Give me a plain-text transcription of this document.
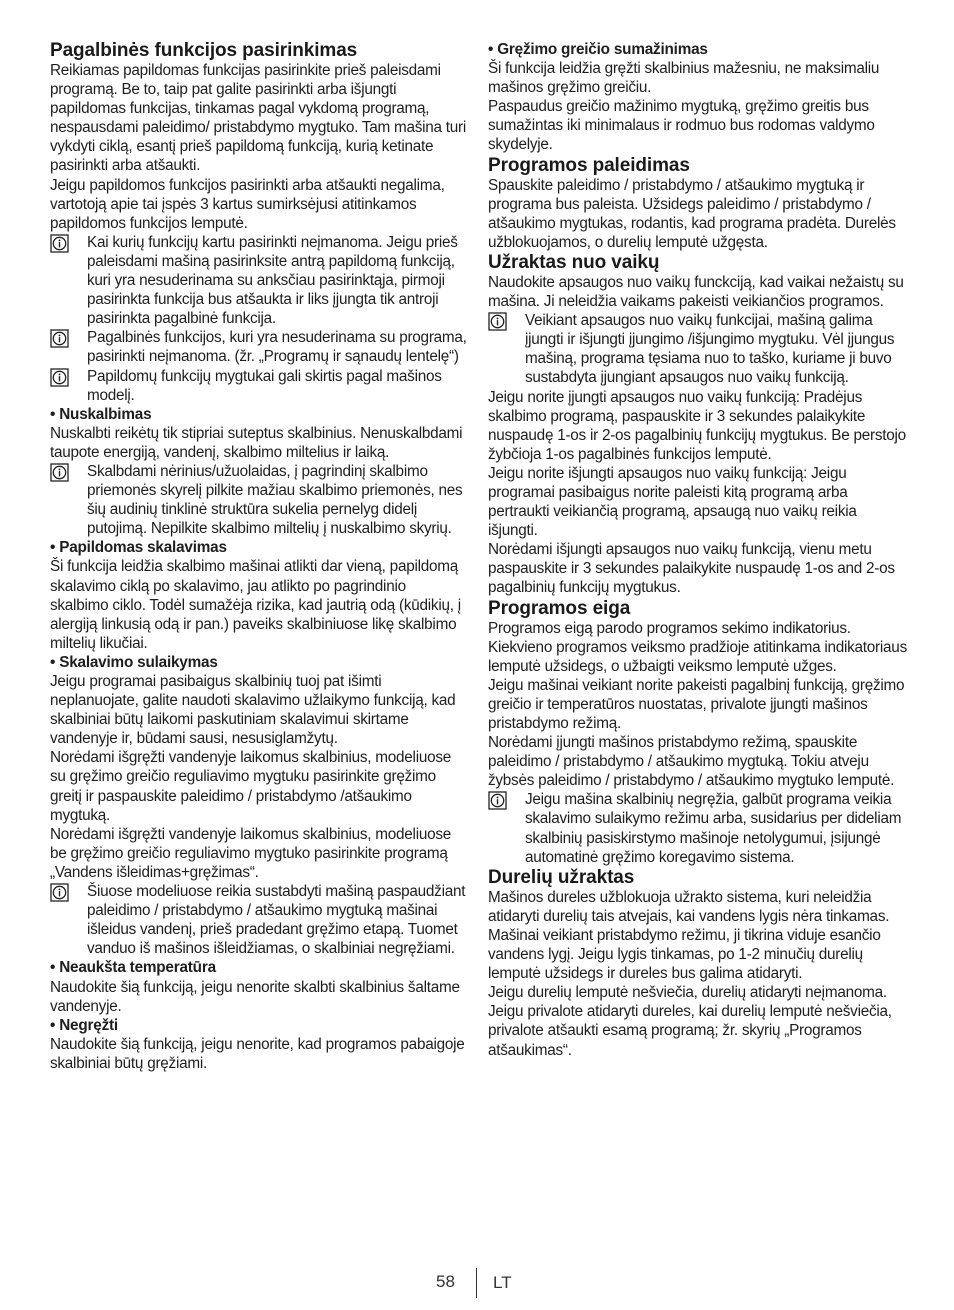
Pagalbinės funkcijos pasirinkimas

Reikiamas papildomas funkcijas pasirinkite prieš paleisdami programą. Be to, taip pat galite pasirinkti arba išjungti papildomas funkcijas, tinkamas pagal vykdomą programą, nespausdami paleidimo/ pristabdymo mygtuko. Tam mašina turi vykdyti ciklą, esantį prieš papildomą funkciją, kurią ketinate pasirinkti arba atšaukti.

Jeigu papildomos funkcijos pasirinkti arba atšaukti negalima, vartotoją apie tai įspės 3 kartus sumirksėjusi atitinkamos papildomos funkcijos lemputė.

Kai kurių funkcijų kartu pasirinkti neįmanoma. Jeigu prieš paleisdami mašiną pasirinksite antrą papildomą funkciją, kuri yra nesuderinama su anksčiau pasirinktąja, pirmoji pasirinkta funkcija bus atšaukta ir liks įjungta tik antroji pasirinkta pagalbinė funkcija.

Pagalbinės funkcijos, kuri yra nesuderinama su programa, pasirinkti neįmanoma. (žr. „Programų ir sąnaudų lentelę“)

Papildomų funkcijų mygtukai gali skirtis pagal mašinos modelį.

• Nuskalbimas

Nuskalbti reikėtų tik stipriai suteptus skalbinius. Nenuskalbdami taupote energiją, vandenį, skalbimo miltelius ir laiką.

Skalbdami nėrinius/užuolaidas, į pagrindinį skalbimo priemonės skyrelį pilkite mažiau skalbimo priemonės, nes šių audinių tinklinė struktūra sukelia pernelyg didelį putojimą. Nepilkite skalbimo miltelių į nuskalbimo skyrių.

• Papildomas skalavimas

Ši funkcija leidžia skalbimo mašinai atlikti dar vieną, papildomą skalavimo ciklą po skalavimo, jau atlikto po pagrindinio skalbimo ciklo. Todėl sumažėja rizika, kad jautrią odą (kūdikių, į alergiją linkusią odą ir pan.) paveiks skalbiniuose likę skalbimo miltelių likučiai.

• Skalavimo sulaikymas

Jeigu programai pasibaigus skalbinių tuoj pat išimti neplanuojate, galite naudoti skalavimo užlaikymo funkciją, kad skalbiniai būtų laikomi paskutiniam skalavimui skirtame vandenyje ir, būdami sausi, nesusiglamžytų.

Norėdami išgręžti vandenyje laikomus skalbinius, modeliuose su gręžimo greičio reguliavimo mygtuku pasirinkite gręžimo greitį ir paspauskite paleidimo / pristabdymo /atšaukimo mygtuką.

Norėdami išgręžti vandenyje laikomus skalbinius, modeliuose be gręžimo greičio reguliavimo mygtuko pasirinkite programą „Vandens išleidimas+gręžimas“.

Šiuose modeliuose reikia sustabdyti mašiną paspaudžiant paleidimo / pristabdymo / atšaukimo mygtuką mašinai išleidus vandenį, prieš pradedant gręžimo etapą. Tuomet vanduo iš mašinos išleidžiamas, o skalbiniai negręžiami.

• Neaukšta temperatūra

Naudokite šią funkciją, jeigu nenorite skalbti skalbinius šaltame vandenyje.

• Negręžti

Naudokite šią funkciją, jeigu nenorite, kad programos pabaigoje skalbiniai būtų gręžiami.

• Gręžimo greičio sumažinimas

Ši funkcija leidžia gręžti skalbinius mažesniu, ne maksimaliu mašinos gręžimo greičiu.

Paspaudus greičio mažinimo mygtuką, gręžimo greitis bus sumažintas iki minimalaus ir rodmuo bus rodomas valdymo skydelyje.

Programos paleidimas

Spauskite paleidimo / pristabdymo / atšaukimo mygtuką ir programa bus paleista. Užsidegs paleidimo / pristabdymo / atšaukimo mygtukas, rodantis, kad programa pradėta. Durelės užblokuojamos, o durelių lemputė užgęsta.

Užraktas nuo vaikų

Naudokite apsaugos nuo vaikų funckciją, kad vaikai nežaistų su mašina. Ji neleidžia vaikams pakeisti veikiančios programos.

Veikiant apsaugos nuo vaikų funkcijai, mašiną galima įjungti ir išjungti įjungimo /išjungimo mygtuku. Vėl įjungus mašiną, programa tęsiama nuo to taško, kuriame ji buvo sustabdyta įjungiant apsaugos nuo vaikų funkciją.

Jeigu norite įjungti apsaugos nuo vaikų funkciją: Pradėjus skalbimo programą, paspauskite ir 3 sekundes palaikykite nuspaudę 1-os ir 2-os pagalbinių funkcijų mygtukus. Be perstojo žybčioja 1-os pagalbinės funkcijos lemputė.

Jeigu norite išjungti apsaugos nuo vaikų funkciją: Jeigu programai pasibaigus norite paleisti kitą programą arba pertraukti veikiančią programą, apsaugą nuo vaikų reikia išjungti.

Norėdami išjungti apsaugos nuo vaikų funkciją, vienu metu paspauskite ir 3 sekundes palaikykite nuspaudę 1-os and 2-os pagalbinių funkcijų mygtukus.

Programos eiga

Programos eigą parodo programos sekimo indikatorius. Kiekvieno programos veiksmo pradžioje atitinkama indikatoriaus lemputė užsidegs, o užbaigti veiksmo lemputė užges.

Jeigu mašinai veikiant norite pakeisti pagalbinį funkciją, gręžimo greičio ir temperatūros nuostatas, privalote įjungti mašinos pristabdymo režimą.

Norėdami įjungti mašinos pristabdymo režimą, spauskite paleidimo / pristabdymo / atšaukimo mygtuką. Tokiu atveju žybsės paleidimo / pristabdymo / atšaukimo mygtuko lemputė.

Jeigu mašina skalbinių negręžia, galbūt programa veikia skalavimo sulaikymo režimu arba, susidarius per dideliam skalbinių pasiskirstymo mašinoje netolygumui, įsijungė automatinė gręžimo koregavimo sistema.

Durelių užraktas

Mašinos dureles užblokuoja užrakto sistema, kuri neleidžia atidaryti durelių tais atvejais, kai vandens lygis nėra tinkamas.

Mašinai veikiant pristabdymo režimu, ji tikrina viduje esančio vandens lygį. Jeigu lygis tinkamas, po 1-2 minučių durelių lemputė užsidegs ir dureles bus galima atidaryti.

Jeigu durelių lemputė nešviečia, durelių atidaryti neįmanoma. Jeigu privalote atidaryti dureles, kai durelių lemputė nešviečia, privalote atšaukti esamą programą; žr. skyrių „Programos atšaukimas“.

58 LT
